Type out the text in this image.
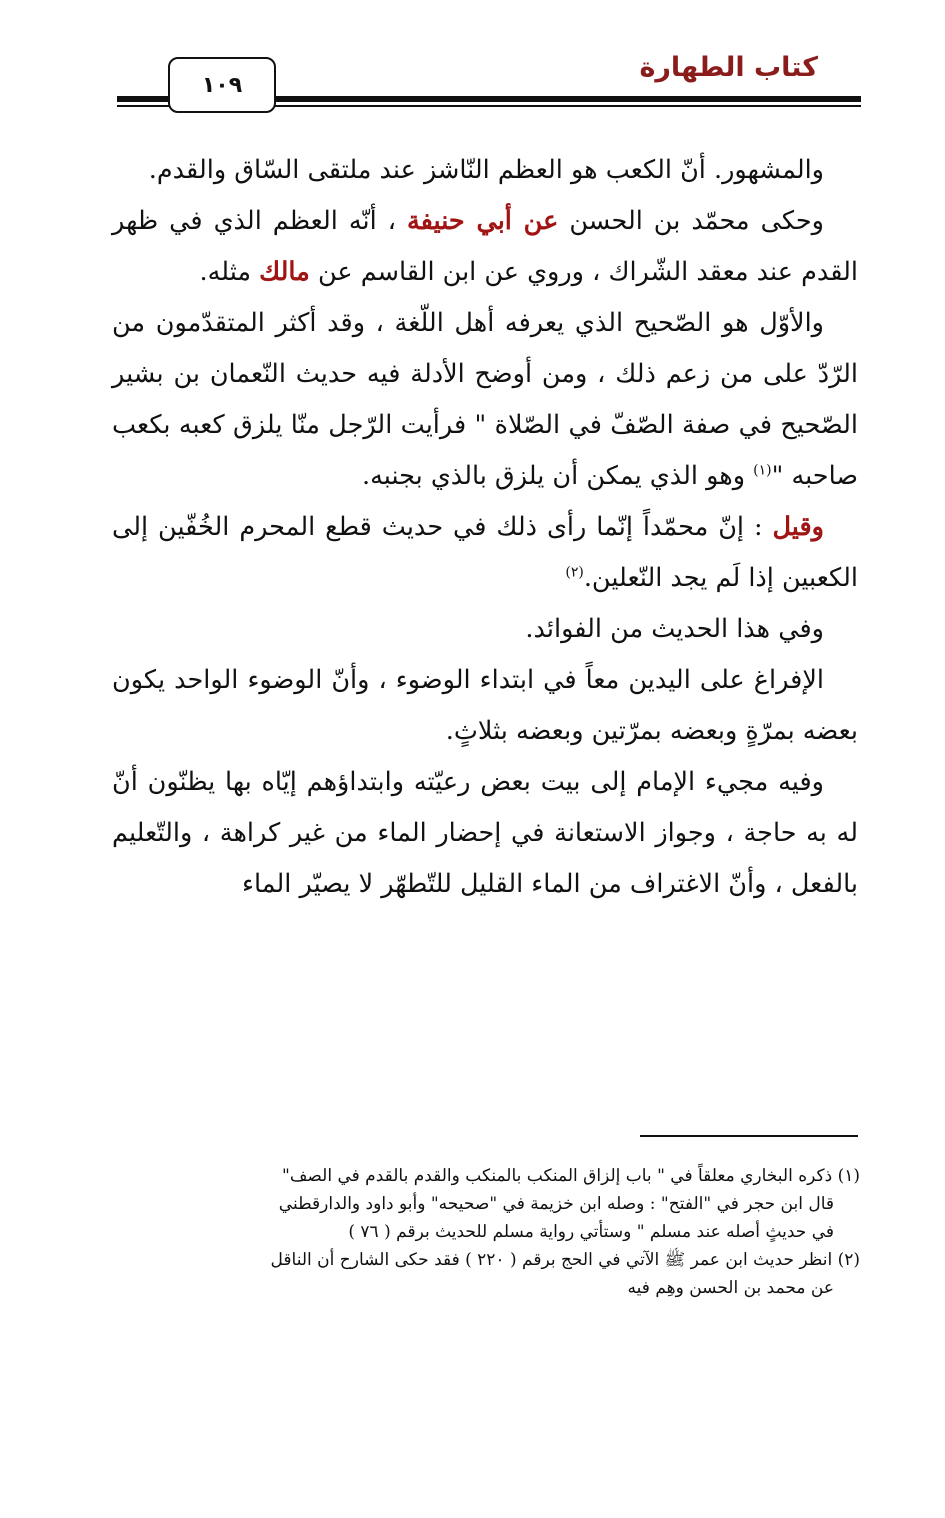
كتاب الطهارة
١٠٩

والمشهور. أنّ الكعب هو العظم النّاشز عند ملتقى السّاق والقدم.

وحكى محمّد بن الحسن عن أبي حنيفة ، أنّه العظم الذي في ظهر القدم عند معقد الشّراك ، وروي عن ابن القاسم عن مالك مثله.

والأوّل هو الصّحيح الذي يعرفه أهل اللّغة ، وقد أكثر المتقدّمون من الرّدّ على من زعم ذلك ، ومن أوضح الأدلة فيه حديث النّعمان بن بشير الصّحيح في صفة الصّفّ في الصّلاة " فرأيت الرّجل منّا يلزق كعبه بكعب صاحبه "$^{(١)}$ وهو الذي يمكن أن يلزق بالذي بجنبه.

وقيل : إنّ محمّداً إنّما رأى ذلك في حديث قطع المحرم الخُفّين إلى الكعبين إذا لَم يجد النّعلين.$^{(٢)}$

وفي هذا الحديث من الفوائد.

الإفراغ على اليدين معاً في ابتداء الوضوء ، وأنّ الوضوء الواحد يكون بعضه بمرّةٍ وبعضه بمرّتين وبعضه بثلاثٍ.

وفيه مجيء الإمام إلى بيت بعض رعيّته وابتداؤهم إيّاه بها يظنّون أنّ له به حاجة ، وجواز الاستعانة في إحضار الماء من غير كراهة ، والتّعليم بالفعل ، وأنّ الاغتراف من الماء القليل للتّطهّر لا يصيّر الماء

(١) ذكره البخاري معلقاً في " باب إلزاق المنكب بالمنكب والقدم بالقدم في الصف"

قال ابن حجر في "الفتح" : وصله ابن خزيمة في "صحيحه" وأبو داود والدارقطني

في حديثٍ أصله عند مسلم " وستأتي رواية مسلم للحديث برقم ( ٧٦ )

(٢) انظر حديث ابن عمر ﷺ الآتي في الحج برقم ( ٢٢٠ ) فقد حكى الشارح أن الناقل

عن محمد بن الحسن وهِم فيه
